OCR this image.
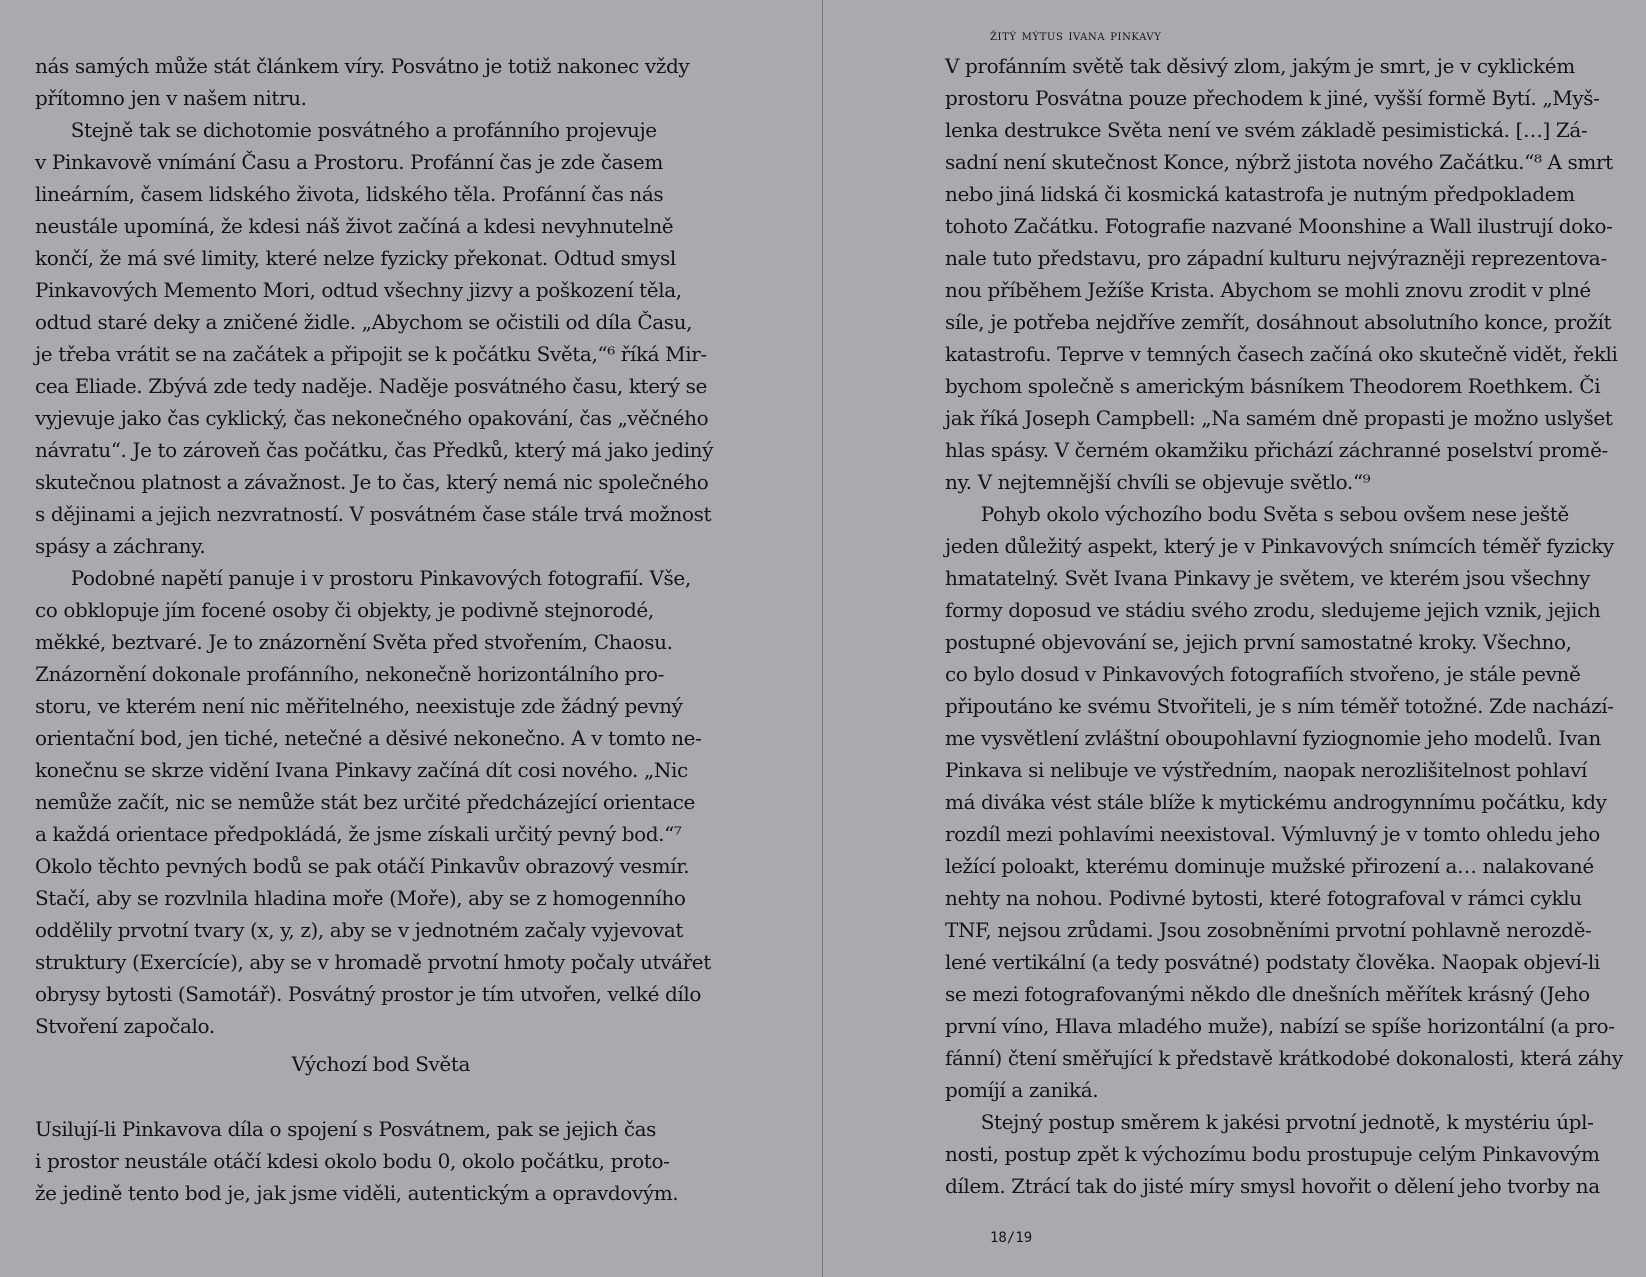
nás samých může stát článkem víry. Posvátno je totiž nakonec vždy
přítomno jen v našem nitru.
Stejně tak se dichotomie posvátného a profánního projevuje
v Pinkavově vnímání Času a Prostoru. Profánní čas je zde časem
lineárním, časem lidského života, lidského těla. Profánní čas nás
neustále upomíná, že kdesi náš život začíná a kdesi nevyhnutelně
končí, že má své limity, které nelze fyzicky překonat. Odtud smysl
Pinkavových Memento Mori, odtud všechny jizvy a poškození těla,
odtud staré deky a zničené židle. „Abychom se očistili od díla Času,
je třeba vrátit se na začátek a připojit se k počátku Světa,“⁶ říká Mir-
cea Eliade. Zbývá zde tedy naděje. Naděje posvátného času, který se
vyjevuje jako čas cyklický, čas nekonečného opakování, čas „věčného
návratu“. Je to zároveň čas počátku, čas Předků, který má jako jediný
skutečnou platnost a závažnost. Je to čas, který nemá nic společného
s dějinami a jejich nezvratností. V posvátném čase stále trvá možnost
spásy a záchrany.
Podobné napětí panuje i v prostoru Pinkavových fotografií. Vše,
co obklopuje jím focené osoby či objekty, je podivně stejnorodé,
měkké, beztvaré. Je to znázornění Světa před stvořením, Chaosu.
Znázornění dokonale profánního, nekonečně horizontálního pro-
storu, ve kterém není nic měřitelného, neexistuje zde žádný pevný
orientační bod, jen tiché, netečné a děsivé nekonečno. A v tomto ne-
konečnu se skrze vidění Ivana Pinkavy začíná dít cosi nového. „Nic
nemůže začít, nic se nemůže stát bez určité předcházející orientace
a každá orientace předpokládá, že jsme získali určitý pevný bod.“⁷
Okolo těchto pevných bodů se pak otáčí Pinkavův obrazový vesmír.
Stačí, aby se rozvlnila hladina moře (Moře), aby se z homogenního
oddělily prvotní tvary (x, y, z), aby se v jednotném začaly vyjevovat
struktury (Exercícíe), aby se v hromadě prvotní hmoty počaly utvářet
obrysy bytosti (Samotář). Posvátný prostor je tím utvořen, velké dílo
Stvoření započalo.
Výchozí bod Světa
Usilují-li Pinkavova díla o spojení s Posvátnem, pak se jejich čas
i prostor neustále otáčí kdesi okolo bodu 0, okolo počátku, proto-
že jedině tento bod je, jak jsme viděli, autentickým a opravdovým.
žitý mýtus ivana pinkavy
V profánním světě tak děsivý zlom, jakým je smrt, je v cyklickém
prostoru Posvátna pouze přechodem k jiné, vyšší formě Bytí. „Myš-
lenka destrukce Světa není ve svém základě pesimistická. […] Zá-
sadní není skutečnost Konce, nýbrž jistota nového Začátku.“⁸ A smrt
nebo jiná lidská či kosmická katastrofa je nutným předpokladem
tohoto Začátku. Fotografie nazvané Moonshine a Wall ilustrují doko-
nale tuto představu, pro západní kulturu nejvýrazněji reprezentova-
nou příběhem Ježíše Krista. Abychom se mohli znovu zrodit v plné
síle, je potřeba nejdříve zemřít, dosáhnout absolutního konce, prožít
katastrofu. Teprve v temných časech začíná oko skutečně vidět, řekli
bychom společně s americkým básníkem Theodorem Roethkem. Či
jak říká Joseph Campbell: „Na samém dně propasti je možno uslyšet
hlas spásy. V černém okamžiku přichází záchranné poselství promě-
ny. V nejtemnější chvíli se objevuje světlo.“⁹
Pohyb okolo výchozího bodu Světa s sebou ovšem nese ještě
jeden důležitý aspekt, který je v Pinkavových snímcích téměř fyzicky
hmatatelný. Svět Ivana Pinkavy je světem, ve kterém jsou všechny
formy doposud ve stádiu svého zrodu, sledujeme jejich vznik, jejich
postupné objevování se, jejich první samostatné kroky. Všechno,
co bylo dosud v Pinkavových fotografiích stvořeno, je stále pevně
připoutáno ke svému Stvořiteli, je s ním téměř totožné. Zde nachází-
me vysvětlení zvláštní oboupohlavní fyziognomie jeho modelů. Ivan
Pinkava si nelibuje ve výstředním, naopak nerozlišitelnost pohlaví
má diváka vést stále blíže k mytickému androgynnímu počátku, kdy
rozdíl mezi pohlavími neexistoval. Výmluvný je v tomto ohledu jeho
ležící poloakt, kterému dominuje mužské přirození a… nalakované
nehty na nohou. Podivné bytosti, které fotografoval v rámci cyklu
TNF, nejsou zrůdami. Jsou zosobněními prvotní pohlavně nerozdě-
lené vertikální (a tedy posvátné) podstaty člověka. Naopak objeví-li
se mezi fotografovanými někdo dle dnešních měřítek krásný (Jeho
první víno, Hlava mladého muže), nabízí se spíše horizontální (a pro-
fánní) čtení směřující k představě krátkodobé dokonalosti, která záhy
pomíjí a zaniká.
Stejný postup směrem k jakési prvotní jednotě, k mystériu úpl-
nosti, postup zpět k výchozímu bodu prostupuje celým Pinkavovým
dílem. Ztrácí tak do jisté míry smysl hovořit o dělení jeho tvorby na
18/19
